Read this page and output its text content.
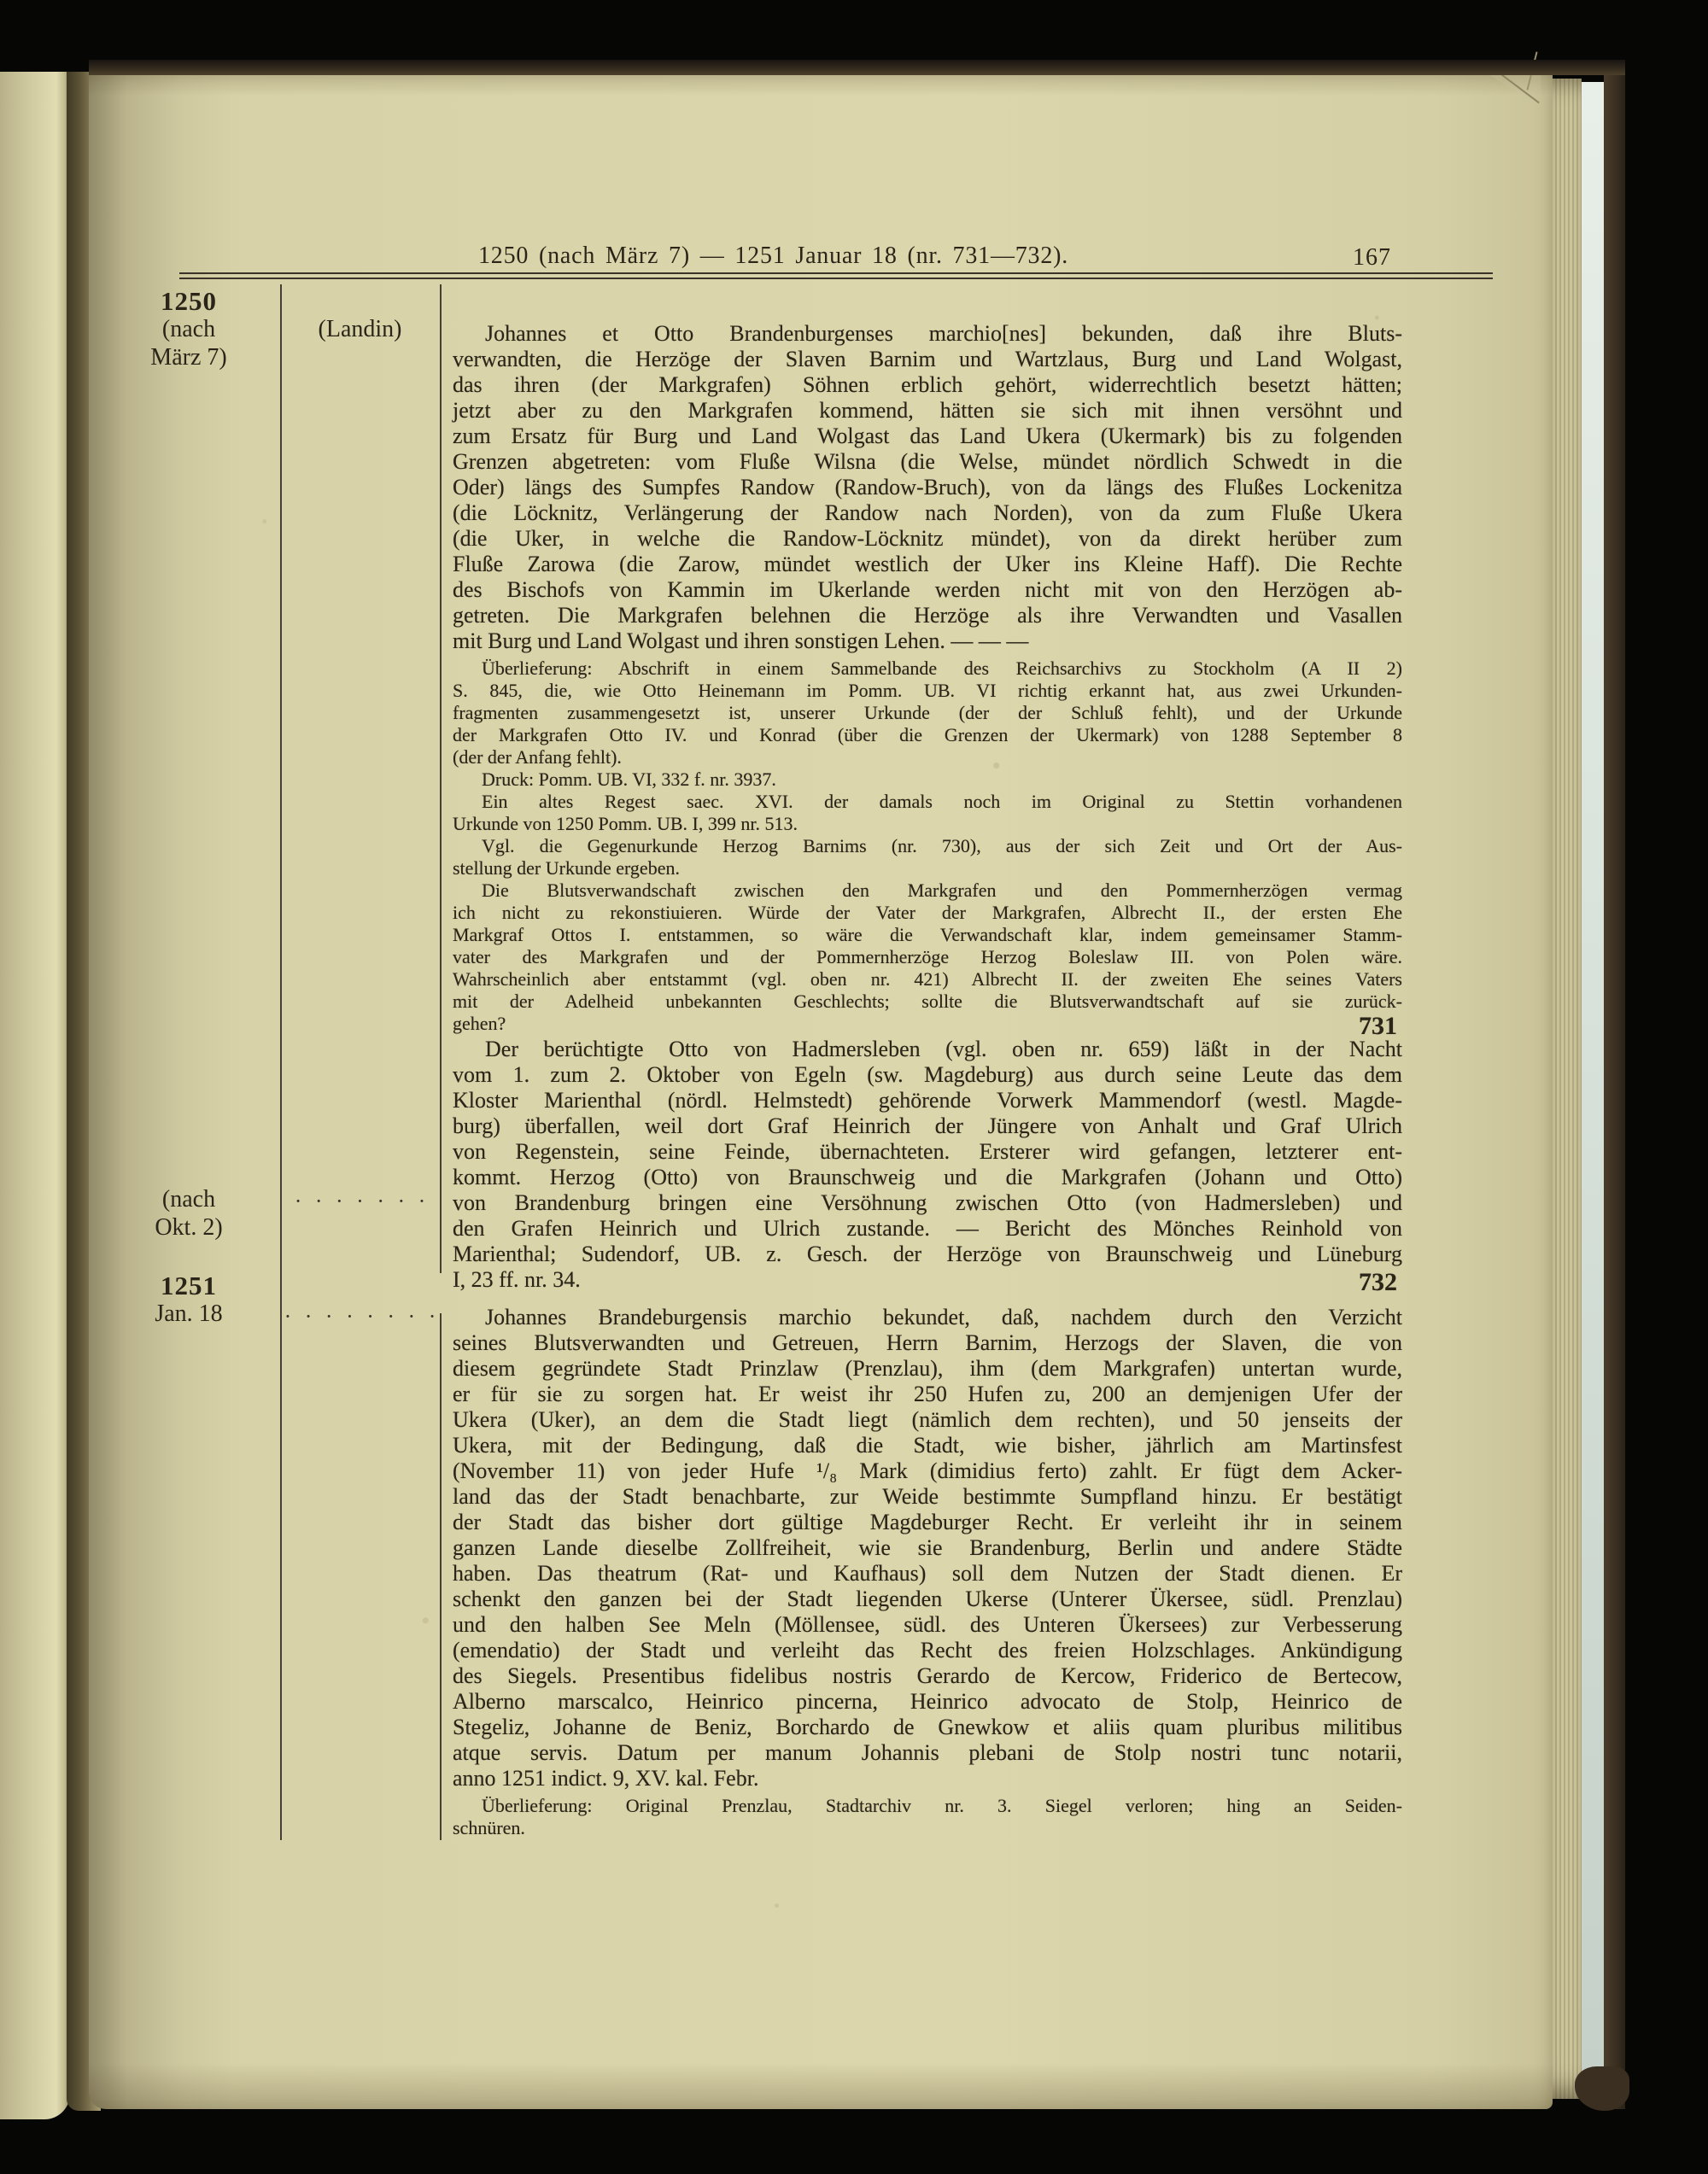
1250 (nach März 7) — 1251 Januar 18 (nr. 731—732).	167
1250
(nach
März 7)
(nach
Okt. 2)
1251
Jan. 18
(Landin)
· · · · · · ·
· · · · · · · ·
Johannes et Otto Brandenburgenses marchio[nes] bekunden, daß ihre Bluts-
verwandten, die Herzöge der Slaven Barnim und Wartzlaus, Burg und Land Wolgast,
das ihren (der Markgrafen) Söhnen erblich gehört, widerrechtlich besetzt hätten;
jetzt aber zu den Markgrafen kommend, hätten sie sich mit ihnen versöhnt und
zum Ersatz für Burg und Land Wolgast das Land Ukera (Ukermark) bis zu folgenden
Grenzen abgetreten: vom Fluße Wilsna (die Welse, mündet nördlich Schwedt in die
Oder) längs des Sumpfes Randow (Randow-Bruch), von da längs des Flußes Lockenitza
(die Löcknitz, Verlängerung der Randow nach Norden), von da zum Fluße Ukera
(die Uker, in welche die Randow-Löcknitz mündet), von da direkt herüber zum
Fluße Zarowa (die Zarow, mündet westlich der Uker ins Kleine Haff). Die Rechte
des Bischofs von Kammin im Ukerlande werden nicht mit von den Herzögen ab-
getreten. Die Markgrafen belehnen die Herzöge als ihre Verwandten und Vasallen
mit Burg und Land Wolgast und ihren sonstigen Lehen. — — —
731
Überlieferung: Abschrift in einem Sammelbande des Reichsarchivs zu Stockholm (A II 2)
S. 845, die, wie Otto Heinemann im Pomm. UB. VI richtig erkannt hat, aus zwei Urkunden-
fragmenten zusammengesetzt ist, unserer Urkunde (der der Schluß fehlt), und der Urkunde
der Markgrafen Otto IV. und Konrad (über die Grenzen der Ukermark) von 1288 September 8
(der der Anfang fehlt).
Druck: Pomm. UB. VI, 332 f. nr. 3937.
Ein altes Regest saec. XVI. der damals noch im Original zu Stettin vorhandenen
Urkunde von 1250 Pomm. UB. I, 399 nr. 513.
Vgl. die Gegenurkunde Herzog Barnims (nr. 730), aus der sich Zeit und Ort der Aus-
stellung der Urkunde ergeben.
Die Blutsverwandschaft zwischen den Markgrafen und den Pommernherzögen vermag
ich nicht zu rekonstiuieren. Würde der Vater der Markgrafen, Albrecht II., der ersten Ehe
Markgraf Ottos I. entstammen, so wäre die Verwandschaft klar, indem gemeinsamer Stamm-
vater des Markgrafen und der Pommernherzöge Herzog Boleslaw III. von Polen wäre.
Wahrscheinlich aber entstammt (vgl. oben nr. 421) Albrecht II. der zweiten Ehe seines Vaters
mit der Adelheid unbekannten Geschlechts; sollte die Blutsverwandtschaft auf sie zurück-
gehen?
732
Der berüchtigte Otto von Hadmersleben (vgl. oben nr. 659) läßt in der Nacht
vom 1. zum 2. Oktober von Egeln (sw. Magdeburg) aus durch seine Leute das dem
Kloster Marienthal (nördl. Helmstedt) gehörende Vorwerk Mammendorf (westl. Magde-
burg) überfallen, weil dort Graf Heinrich der Jüngere von Anhalt und Graf Ulrich
von Regenstein, seine Feinde, übernachteten. Ersterer wird gefangen, letzterer ent-
kommt. Herzog (Otto) von Braunschweig und die Markgrafen (Johann und Otto)
von Brandenburg bringen eine Versöhnung zwischen Otto (von Hadmersleben) und
den Grafen Heinrich und Ulrich zustande. — Bericht des Mönches Reinhold von
Marienthal; Sudendorf, UB. z. Gesch. der Herzöge von Braunschweig und Lüneburg
I, 23 ff. nr. 34.
Johannes Brandeburgensis marchio bekundet, daß, nachdem durch den Verzicht
seines Blutsverwandten und Getreuen, Herrn Barnim, Herzogs der Slaven, die von
diesem gegründete Stadt Prinzlaw (Prenzlau), ihm (dem Markgrafen) untertan wurde,
er für sie zu sorgen hat. Er weist ihr 250 Hufen zu, 200 an demjenigen Ufer der
Ukera (Uker), an dem die Stadt liegt (nämlich dem rechten), und 50 jenseits der
Ukera, mit der Bedingung, daß die Stadt, wie bisher, jährlich am Martinsfest
(November 11) von jeder Hufe ¹/₈ Mark (dimidius ferto) zahlt. Er fügt dem Acker-
land das der Stadt benachbarte, zur Weide bestimmte Sumpfland hinzu. Er bestätigt
der Stadt das bisher dort gültige Magdeburger Recht. Er verleiht ihr in seinem
ganzen Lande dieselbe Zollfreiheit, wie sie Brandenburg, Berlin und andere Städte
haben. Das theatrum (Rat- und Kaufhaus) soll dem Nutzen der Stadt dienen. Er
schenkt den ganzen bei der Stadt liegenden Ukerse (Unterer Ükersee, südl. Prenzlau)
und den halben See Meln (Möllensee, südl. des Unteren Ükersees) zur Verbesserung
(emendatio) der Stadt und verleiht das Recht des freien Holzschlages. Ankündigung
des Siegels. Presentibus fidelibus nostris Gerardo de Kercow, Friderico de Bertecow,
Alberno marscalco, Heinrico pincerna, Heinrico advocato de Stolp, Heinrico de
Stegeliz, Johanne de Beniz, Borchardo de Gnewkow et aliis quam pluribus militibus
atque servis. Datum per manum Johannis plebani de Stolp nostri tunc notarii,
anno 1251 indict. 9, XV. kal. Febr.
Überlieferung: Original Prenzlau, Stadtarchiv nr. 3. Siegel verloren; hing an Seiden-
schnüren.
